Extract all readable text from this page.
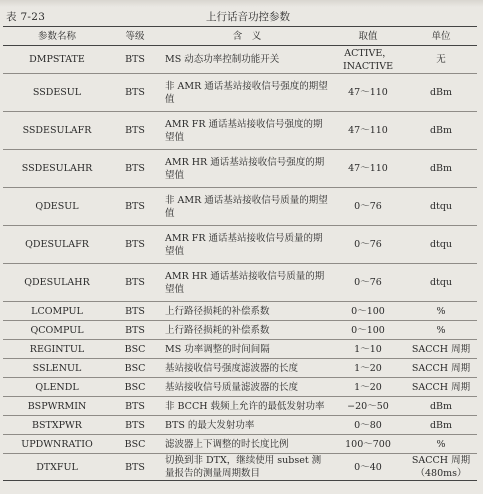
表 7-23	上行话音功控参数
参数名称	等级	含　义	取值	单位
DMPSTATE	BTS	MS 动态功率控制功能开关	ACTIVE，INACTIVE	无
SSDESUL	BTS	非 AMR 通话基站接收信号强度的期望值	47～110	dBm
SSDESULAFR	BTS	AMR FR 通话基站接收信号强度的期望值	47～110	dBm
SSDESULAHR	BTS	AMR HR 通话基站接收信号强度的期望值	47～110	dBm
QDESUL	BTS	非 AMR 通话基站接收信号质量的期望值	0～76	dtqu
QDESULAFR	BTS	AMR FR 通话基站接收信号质量的期望值	0～76	dtqu
QDESULAHR	BTS	AMR HR 通话基站接收信号质量的期望值	0～76	dtqu
LCOMPUL	BTS	上行路径损耗的补偿系数	0～100	%
QCOMPUL	BTS	上行路径损耗的补偿系数	0～100	%
REGINTUL	BSC	MS 功率调整的时间间隔	1～10	SACCH 周期
SSLENUL	BSC	基站接收信号强度滤波器的长度	1～20	SACCH 周期
QLENDL	BSC	基站接收信号质量滤波器的长度	1～20	SACCH 周期
BSPWRMIN	BTS	非 BCCH 载频上允许的最低发射功率	−20～50	dBm
BSTXPWR	BTS	BTS 的最大发射功率	0～80	dBm
UPDWNRATIO	BSC	滤波器上下调整的时长度比例	100～700	%
DTXFUL	BTS	切换到非 DTX，继续使用 subset 测量报告的测量周期数目	0～40	SACCH 周期（480ms）
